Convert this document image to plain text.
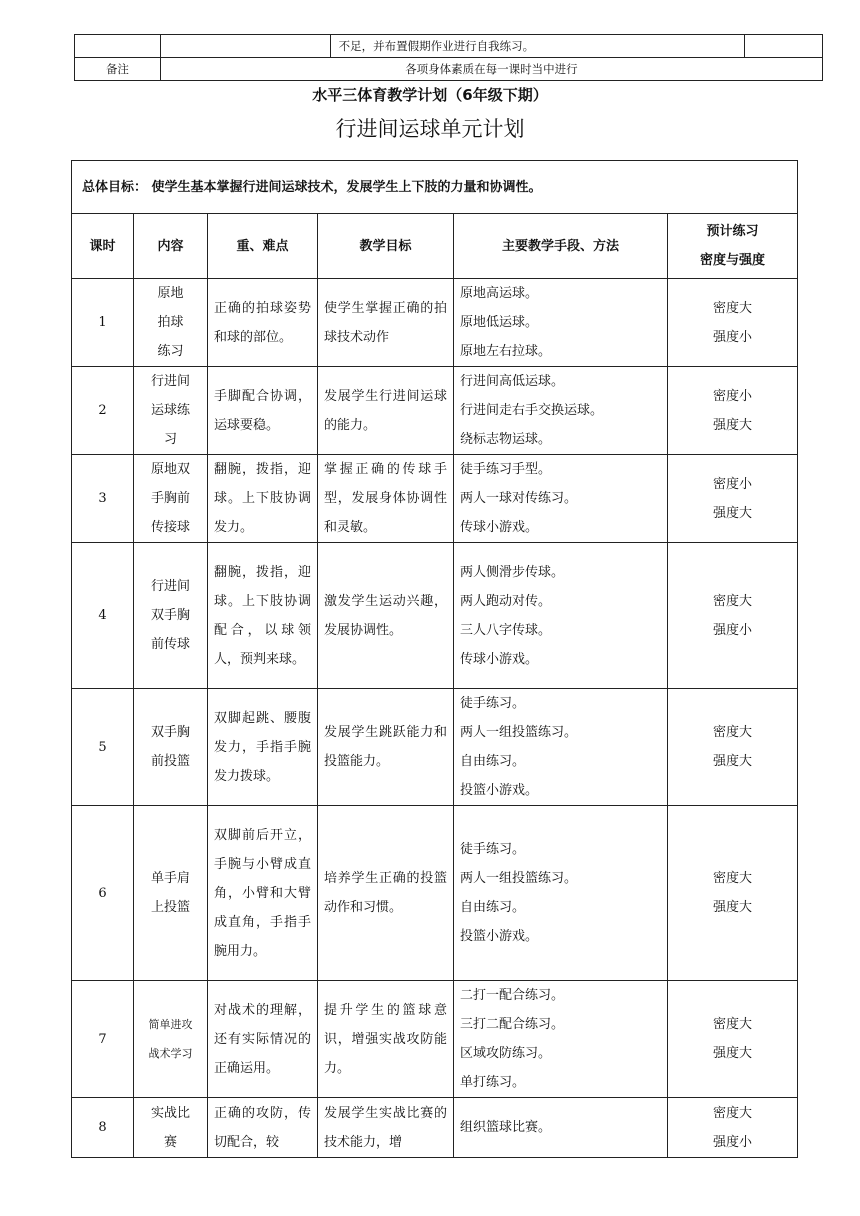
		不足，并布置假期作业进行自我练习。	
备注	各项身体素质在每一课时当中进行		
水平三体育教学计划（6年级下期）
行进间运球单元计划
总体目标： 使学生基本掌握行进间运球技术，发展学生上下肢的力量和协调性。					
课时	内容	重、难点	教学目标	主要教学手段、方法	预计练习
密度与强度

1	原地
拍球
练习	正确的拍球姿势和球的部位。	使学生掌握正确的拍球技术动作	原地高运球。
原地低运球。
原地左右拉球。	密度大
强度小

2	行进间
运球练
习	手脚配合协调，运球要稳。	发展学生行进间运球的能力。	行进间高低运球。
行进间走右手交换运球。
绕标志物运球。	密度小
强度大

3	原地双
手胸前
传接球	翻腕，拨指，迎球。上下肢协调发力。	掌握正确的传球手型，发展身体协调性和灵敏。	徒手练习手型。
两人一球对传练习。
传球小游戏。	密度小
强度大

4	行进间
双手胸
前传球	翻腕，拨指，迎球。上下肢协调配合，以球领人，预判来球。	激发学生运动兴趣，发展协调性。	两人侧滑步传球。
两人跑动对传。
三人八字传球。
传球小游戏。	密度大
强度小

5	双手胸
前投篮	双脚起跳、腰腹发力，手指手腕发力拨球。	发展学生跳跃能力和投篮能力。	徒手练习。
两人一组投篮练习。
自由练习。
投篮小游戏。	密度大
强度大

6	单手肩
上投篮	双脚前后开立，手腕与小臂成直角，小臂和大臂成直角，手指手腕用力。	培养学生正确的投篮动作和习惯。	徒手练习。
两人一组投篮练习。
自由练习。
投篮小游戏。	密度大
强度大

7	简单进攻
战术学习	对战术的理解，还有实际情况的正确运用。	提升学生的篮球意识，增强实战攻防能力。	二打一配合练习。
三打二配合练习。
区域攻防练习。
单打练习。	密度大
强度大

8	实战比
赛	正确的攻防，传切配合，较	发展学生实战比赛的技术能力，增	组织篮球比赛。	密度大
强度小
